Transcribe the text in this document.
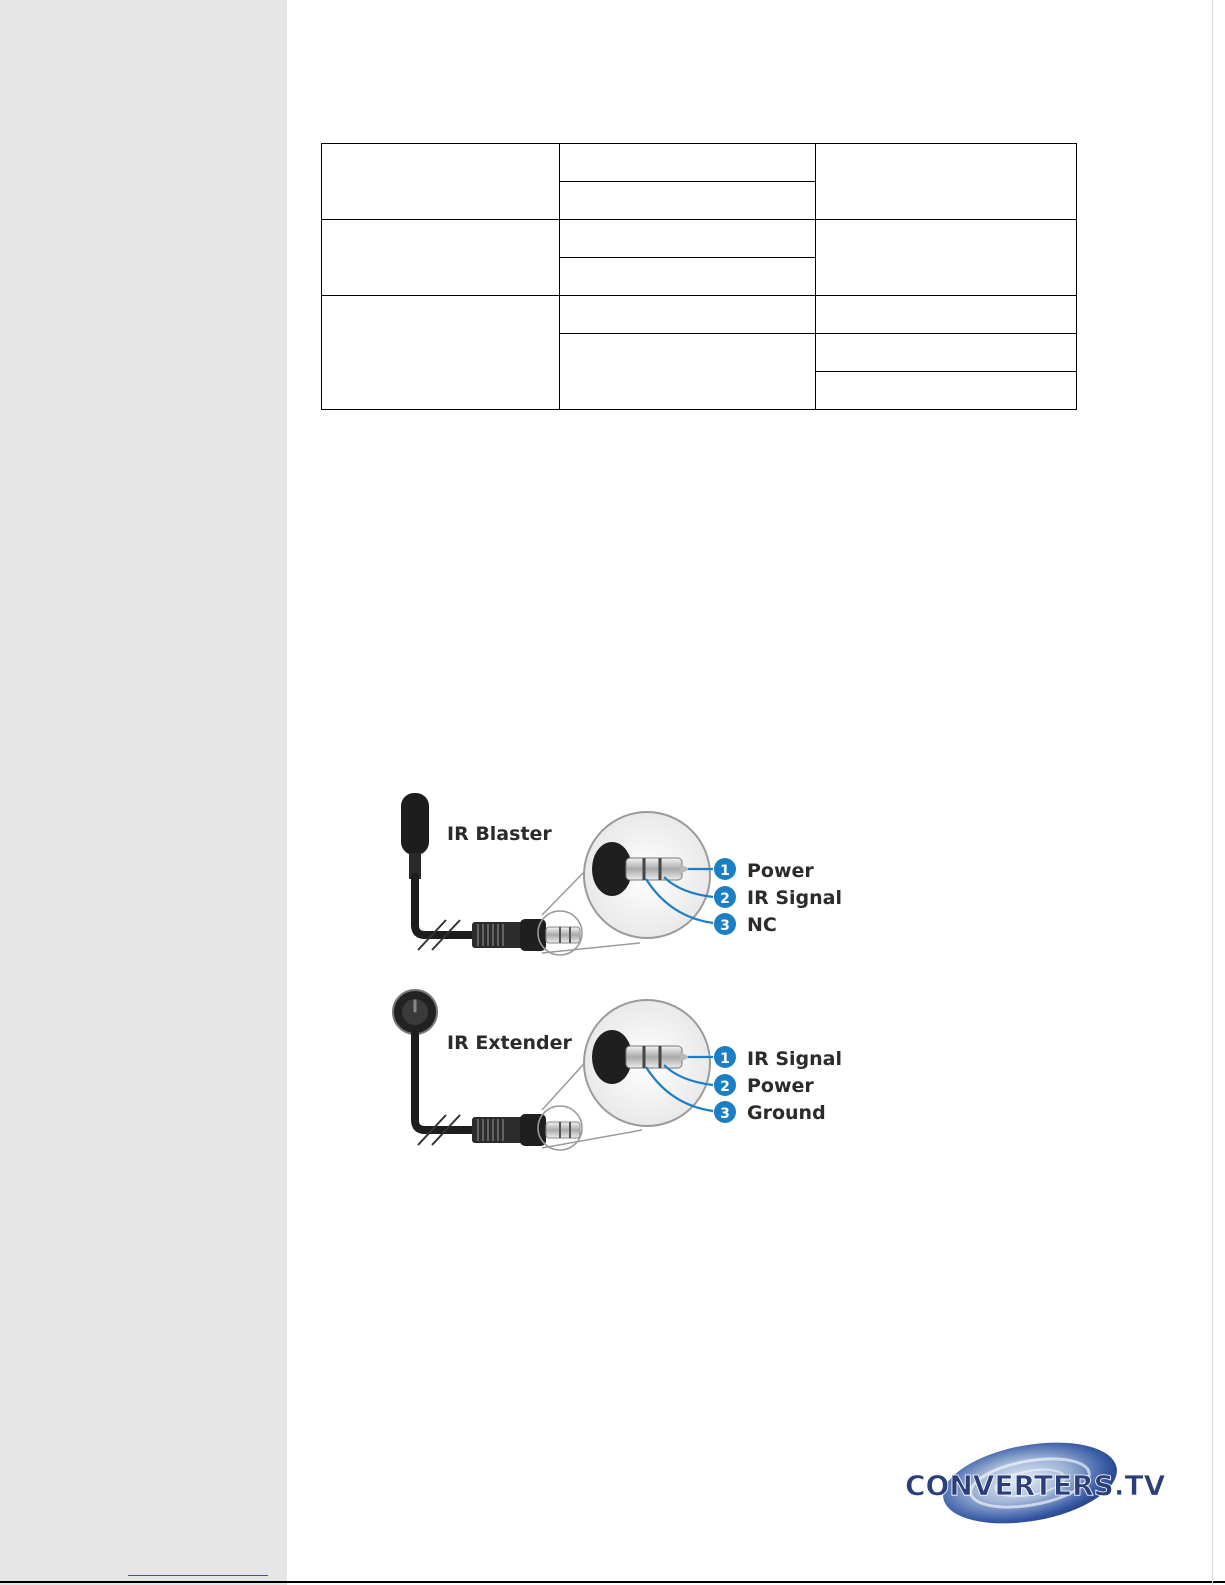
IR Blaster
1 Power
2 IR Signal
3 NC
IR Extender
1 IR Signal
2 Power
3 Ground
CONVERTERS.TV
